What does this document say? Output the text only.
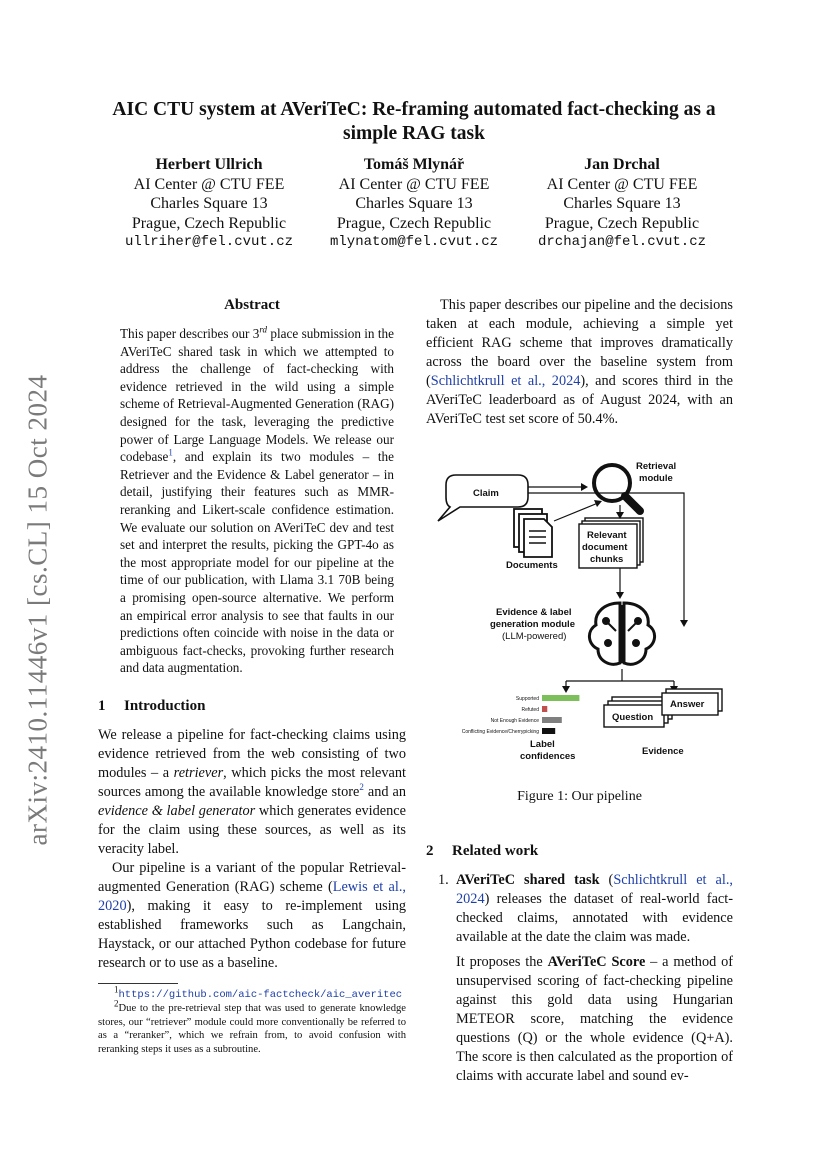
arXiv:2410.11446v1 [cs.CL] 15 Oct 2024
AIC CTU system at AVeriTeC: Re-framing automated fact-checking as a
simple RAG task
Herbert Ullrich
AI Center @ CTU FEE
Charles Square 13
Prague, Czech Republic
ullriher@fel.cvut.cz
Tomáš Mlynář
AI Center @ CTU FEE
Charles Square 13
Prague, Czech Republic
mlynatom@fel.cvut.cz
Jan Drchal
AI Center @ CTU FEE
Charles Square 13
Prague, Czech Republic
drchajan@fel.cvut.cz
Abstract
This paper describes our 3rd place submission in the AVeriTeC shared task in which we attempted to address the challenge of fact-checking with evidence retrieved in the wild using a simple scheme of Retrieval-Augmented Generation (RAG) designed for the task, leveraging the predictive power of Large Language Models. We release our codebase$^1$, and explain its two modules – the Retriever and the Evidence & Label generator – in detail, justifying their features such as MMR-reranking and Likert-scale confidence estimation. We evaluate our solution on AVeriTeC dev and test set and interpret the results, picking the GPT-4o as the most appropriate model for our pipeline at the time of our publication, with Llama 3.1 70B being a promising open-source alternative. We perform an empirical error analysis to see that faults in our predictions often coincide with noise in the data or ambiguous fact-checks, provoking further research and data augmentation.
1 Introduction

We release a pipeline for fact-checking claims using evidence retrieved from the web consisting of two modules – a retriever, which picks the most relevant sources among the available knowledge store$^2$ and an evidence & label generator which generates evidence for the claim using these sources, as well as its veracity label.

Our pipeline is a variant of the popular Retrieval-augmented Generation (RAG) scheme (Lewis et al., 2020), making it easy to re-implement using established frameworks such as Langchain, Haystack, or our attached Python codebase for future research or to use as a baseline.

$^1$https://github.com/aic-factcheck/aic_averitec
$^2$Due to the pre-retrieval step that was used to generate knowledge stores, our “retriever” module could more conventionally be referred to as a “reranker”, which we refrain from, to avoid confusion with reranking steps it uses as a subroutine.

This paper describes our pipeline and the decisions taken at each module, achieving a simple yet efficient RAG scheme that improves dramatically across the board over the baseline system from (Schlichtkrull et al., 2024), and scores third in the AVeriTeC leaderboard as of August 2024, with an AVeriTeC test set score of 50.4%.

Claim
Retrieval
module
Documents
Relevant
document
chunks
Evidence & label
generation module
(LLM-powered)
Supported
Refuted
Not Enough Evidence
Conflicting Evidence/Cherrypicking
Label
confidences
Question
Answer
Evidence
Figure 1: Our pipeline
2 Related work
1. AVeriTeC shared task (Schlichtkrull et al., 2024) releases the dataset of real-world fact-checked claims, annotated with evidence available at the date the claim was made.

It proposes the AVeriTeC Score – a method of unsupervised scoring of fact-checking pipeline against this gold data using Hungarian METEOR score, matching the evidence questions (Q) or the whole evidence (Q+A). The score is then calculated as the proportion of claims with accurate label and sound ev-
